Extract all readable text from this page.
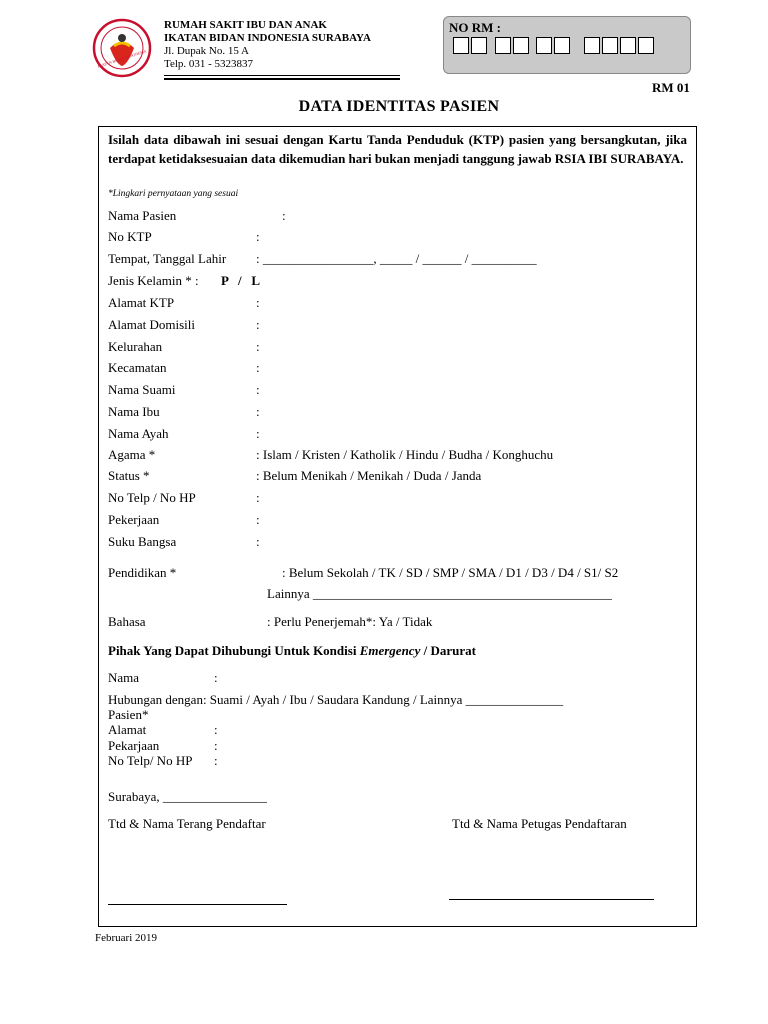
IKATAN BIDAN INDONESIA
RUMAH SAKIT IBU DAN ANAK
IKATAN BIDAN INDONESIA SURABAYA
Jl. Dupak No. 15 A
Telp. 031 - 5323837
NO RM :
RM 01
DATA IDENTITAS PASIEN
Isilah data dibawah ini sesuai dengan Kartu Tanda Penduduk (KTP) pasien yang bersangkutan, jika terdapat ketidaksesuaian data dikemudian hari bukan menjadi tanggung jawab RSIA IBI SURABAYA.
*Lingkari pernyataan yang sesuai
Nama Pasien	:
No KTP	:
Tempat, Tanggal Lahir : _________________, _____ / ______ / __________
Jenis Kelamin * : P   /   L
Alamat KTP	:
Alamat Domisili	:
Kelurahan	:
Kecamatan	:
Nama Suami	:
Nama Ibu	:
Nama Ayah	:
Agama *	: Islam / Kristen / Katholik / Hindu / Budha / Konghuchu
Status *	: Belum Menikah / Menikah / Duda / Janda
No Telp / No HP	:
Pekerjaan	:
Suku Bangsa	:
Pendidikan *	: Belum Sekolah / TK / SD / SMP / SMA / D1 / D3 / D4 / S1/ S2
Lainnya ______________________________________________
Bahasa	: Perlu Penerjemah*: Ya / Tidak
Pihak Yang Dapat Dihubungi Untuk Kondisi Emergency / Darurat
Nama	:
Hubungan dengan: Suami / Ayah / Ibu / Saudara Kandung / Lainnya _______________
Pasien*
Alamat	:
Pekarjaan	:
No Telp/ No HP :
Surabaya, ________________
Ttd & Nama Terang Pendaftar	Ttd & Nama Petugas Pendaftaran
Februari 2019
